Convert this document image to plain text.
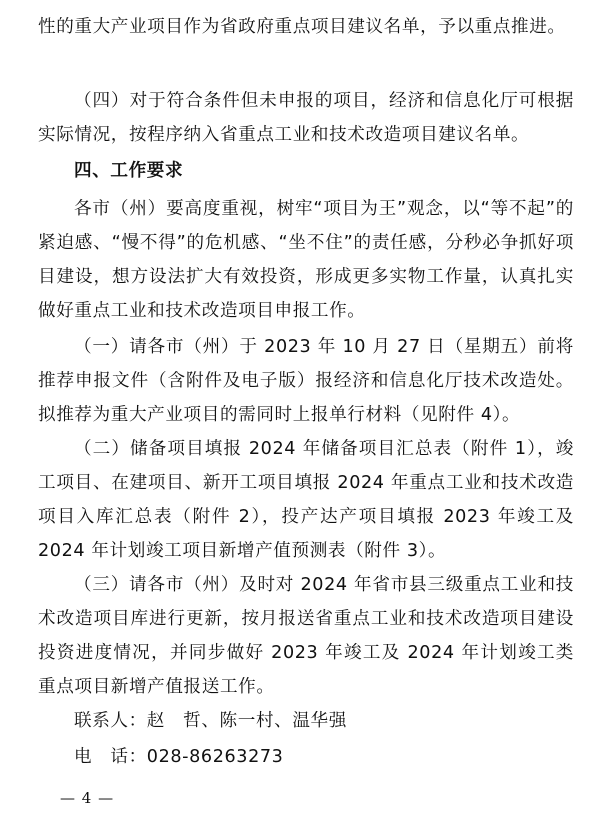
性的重大产业项目作为省政府重点项目建议名单，予以重点推进。

（四）对于符合条件但未申报的项目，经济和信息化厅可根据实际情况，按程序纳入省重点工业和技术改造项目建议名单。

四、工作要求

各市（州）要高度重视，树牢“项目为王”观念，以“等不起”的紧迫感、“慢不得”的危机感、“坐不住”的责任感，分秒必争抓好项目建设，想方设法扩大有效投资，形成更多实物工作量，认真扎实做好重点工业和技术改造项目申报工作。

（一）请各市（州）于 2023 年 10 月 27 日（星期五）前将推荐申报文件（含附件及电子版）报经济和信息化厅技术改造处。拟推荐为重大产业项目的需同时上报单行材料（见附件 4）。

（二）储备项目填报 2024 年储备项目汇总表（附件 1），竣工项目、在建项目、新开工项目填报 2024 年重点工业和技术改造项目入库汇总表（附件 2），投产达产项目填报 2023 年竣工及 2024 年计划竣工项目新增产值预测表（附件 3）。

（三）请各市（州）及时对 2024 年省市县三级重点工业和技术改造项目库进行更新，按月报送省重点工业和技术改造项目建设投资进度情况，并同步做好 2023 年竣工及 2024 年计划竣工类重点项目新增产值报送工作。

联系人：赵　哲、陈一村、温华强

电　话：028-86263273

— 4 —
